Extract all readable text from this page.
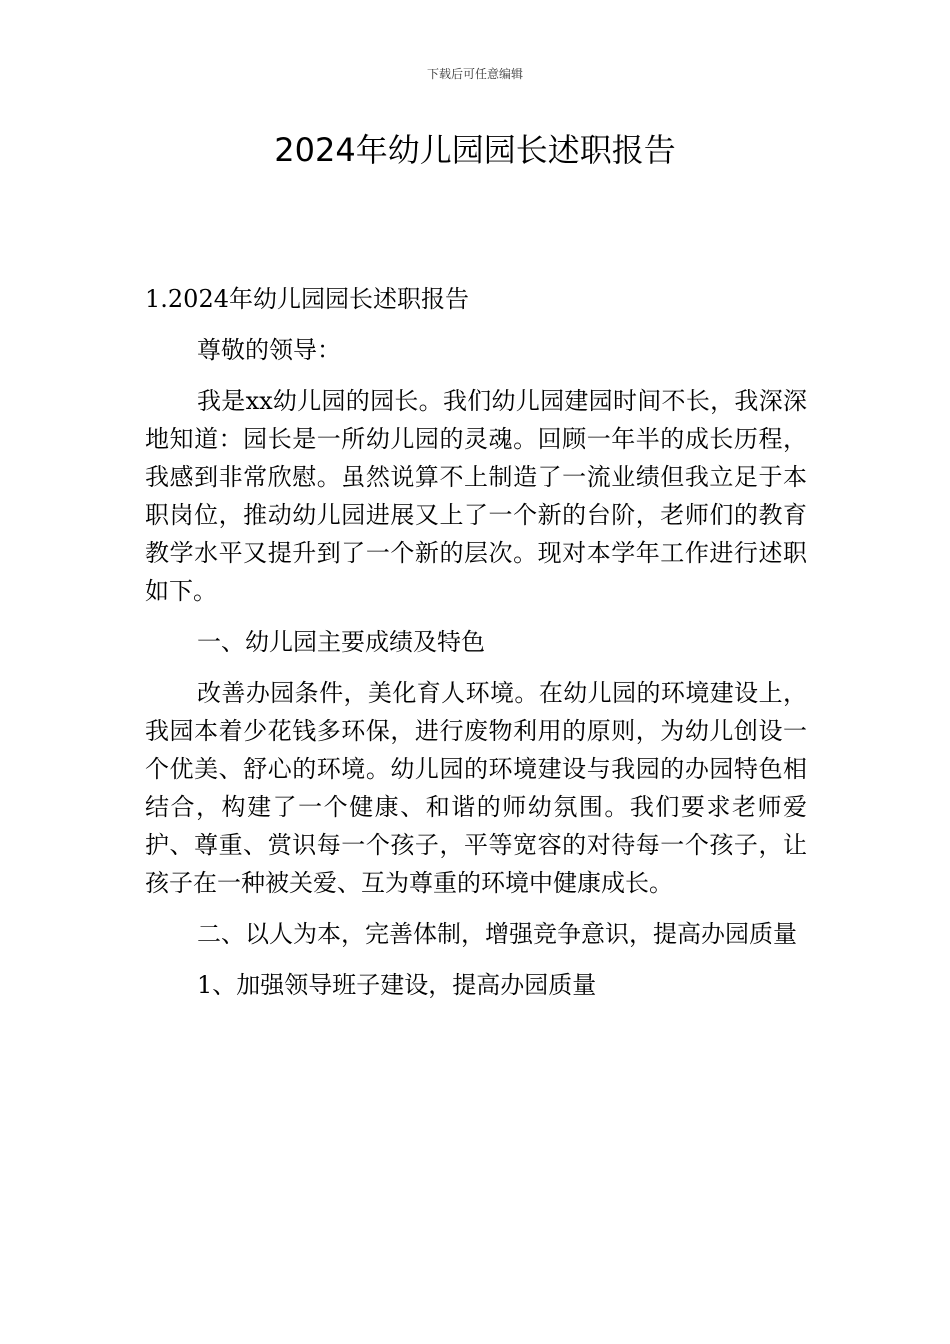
下载后可任意编辑
2024年幼儿园园长述职报告

1.2024年幼儿园园长述职报告

尊敬的领导：

我是xx幼儿园的园长。我们幼儿园建园时间不长，我深深地知道：园长是一所幼儿园的灵魂。回顾一年半的成长历程，我感到非常欣慰。虽然说算不上制造了一流业绩但我立足于本职岗位，推动幼儿园进展又上了一个新的台阶，老师们的教育教学水平又提升到了一个新的层次。现对本学年工作进行述职如下。

一、幼儿园主要成绩及特色

改善办园条件，美化育人环境。在幼儿园的环境建设上，我园本着少花钱多环保，进行废物利用的原则，为幼儿创设一个优美、舒心的环境。幼儿园的环境建设与我园的办园特色相结合，构建了一个健康、和谐的师幼氛围。我们要求老师爱护、尊重、赏识每一个孩子，平等宽容的对待每一个孩子，让孩子在一种被关爱、互为尊重的环境中健康成长。

二、以人为本，完善体制，增强竞争意识，提高办园质量

1、加强领导班子建设，提高办园质量
